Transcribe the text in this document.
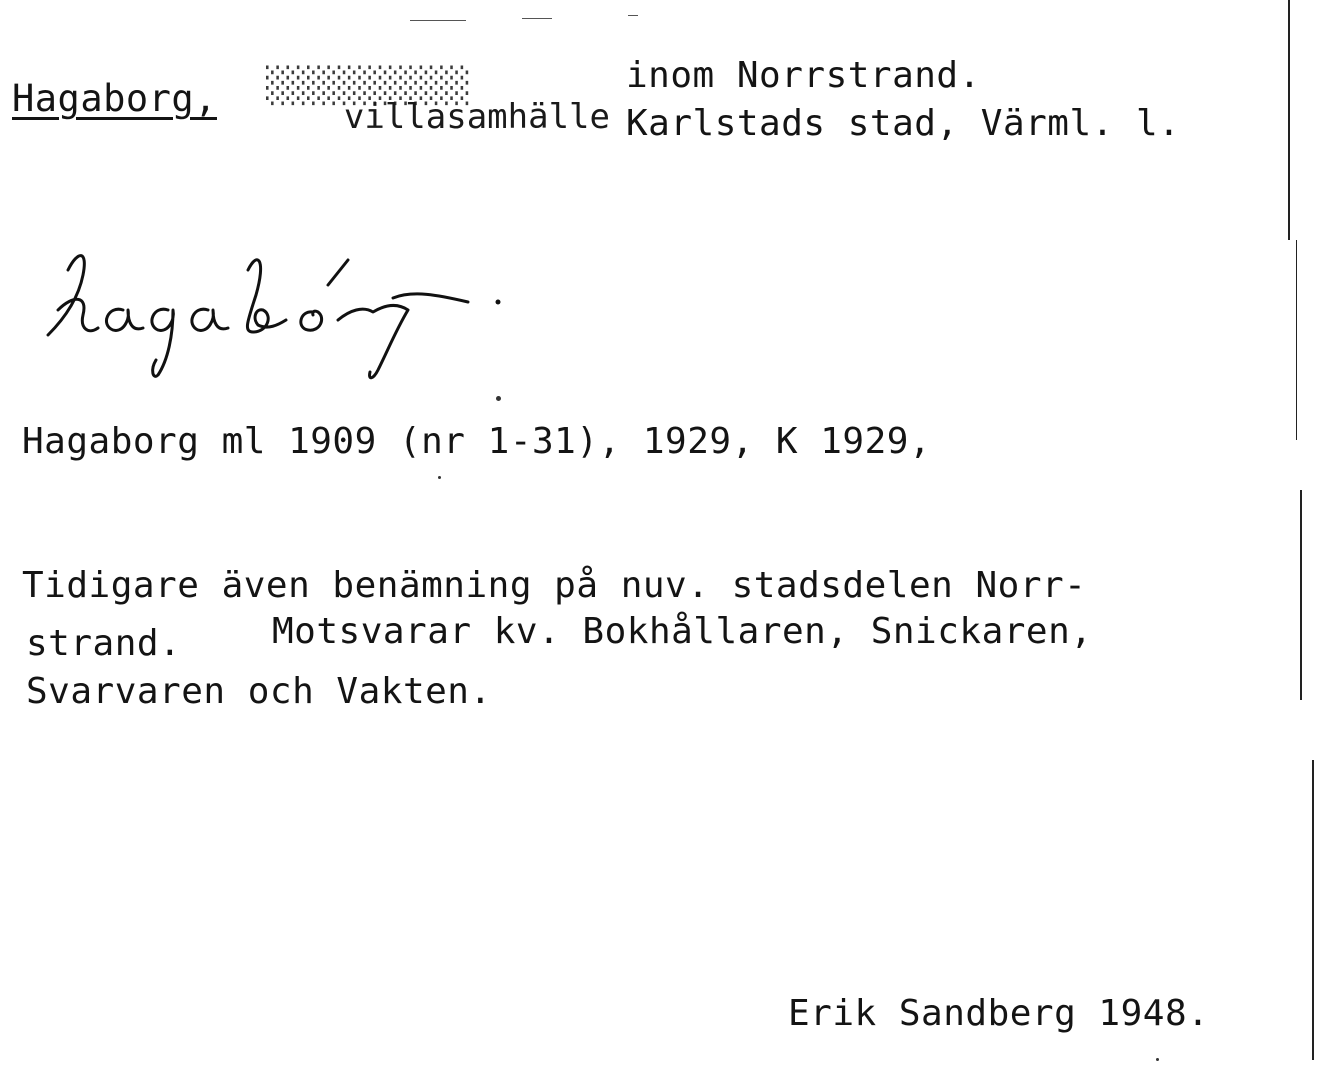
Hagaborg,	villasamhälle

░░░░░░░░░░

	inom Norrstrand.
Karlstads stad, Värml. l.
hagaborg.
Hagaborg ml 1909 (nr 1-31), 1929, K 1929,
Tidigare även benämning på nuv. stadsdelen Norr-
strand.	Motsvarar kv. Bokhållaren, Snickaren,
Svarvaren och Vakten.
Erik Sandberg 1948.
